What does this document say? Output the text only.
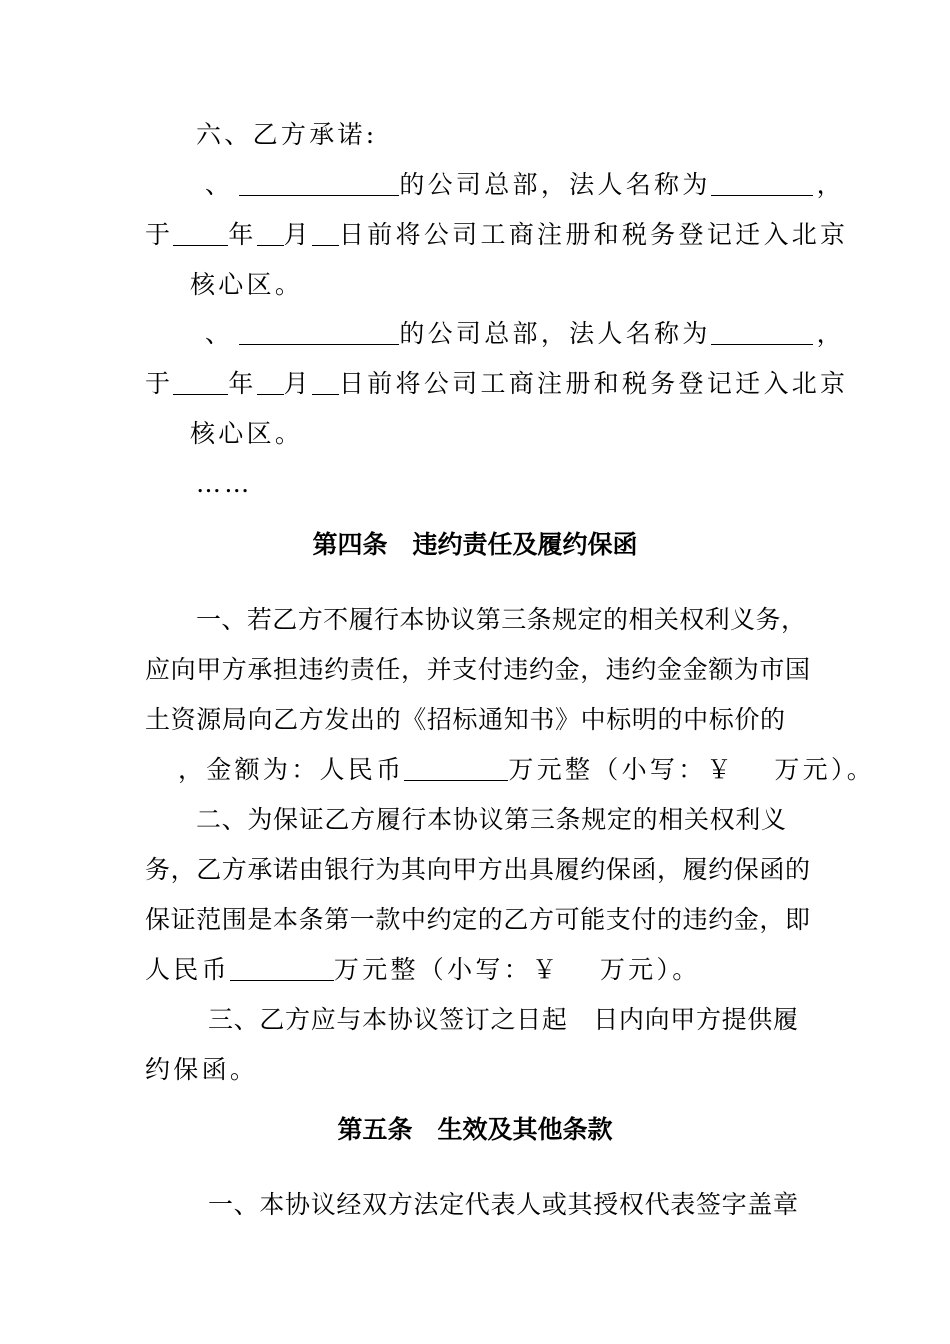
六、乙方承诺:
、	的公司总部，法人名称为	，
于 年 月 日前将公司工商注册和税务登记迁入北京
核心区。
、	的公司总部，法人名称为	，
于 年 月 日前将公司工商注册和税务登记迁入北京
核心区。
……
第四条　违约责任及履约保函
一、若乙方不履行本协议第三条规定的相关权利义务，
应向甲方承担违约责任，并支付违约金，违约金金额为市国
土资源局向乙方发出的《招标通知书》中标明的中标价的
，金额为：人民币	万元整（小写：￥　 万元）。
二、为保证乙方履行本协议第三条规定的相关权利义
务，乙方承诺由银行为其向甲方出具履约保函，履约保函的
保证范围是本条第一款中约定的乙方可能支付的违约金，即
人民币	万元整（小写：￥　 万元）。
三、乙方应与本协议签订之日起　日内向甲方提供履
约保函。
第五条　生效及其他条款
一、本协议经双方法定代表人或其授权代表签字盖章
